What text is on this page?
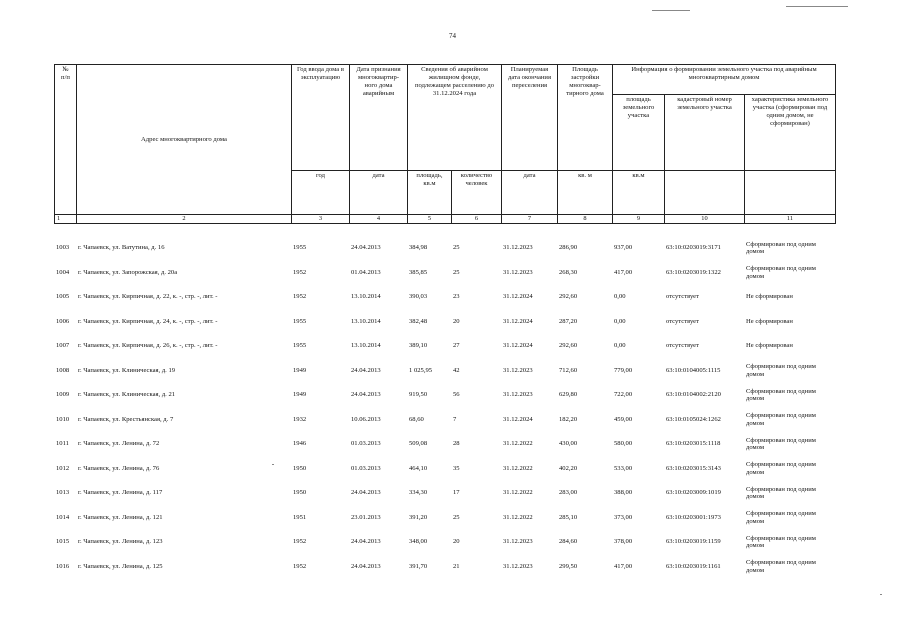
74
№
п/п	Адрес многоквартирного дома	Год ввода дома в эксплуатацию	Дата признания многоквартир-ного дома аварийным	Сведения об аварийном жилищном фонде, подлежащем расселению до 31.12.2024 года		Планируемая дата окончания переселения	Площадь застройки многоквар-тирного дома	Информация о формировании земельного участка под аварийным многоквартирным домом		
								площадь земельного участка	кадастровый номер земельного участка	характеристика земельного участка (сформирован под одним домом, не сформирован)
		год	дата	площадь, кв.м	количество человек	дата	кв. м	кв.м		
1	2	3	4	5	6	7	8	9	10	11
1003	г. Чапаевск, ул. Ватутина, д. 16	1955	24.04.2013	384,98	25	31.12.2023	286,90	937,00	63:10:0203019:3171	Сформирован под одним домом
1004	г. Чапаевск, ул. Запорожская, д. 20а	1952	01.04.2013	385,85	25	31.12.2023	268,30	417,00	63:10:0203019:1322	Сформирован под одним домом
1005	г. Чапаевск, ул. Кирпичная, д. 22, к. -, стр. -, лит. -	1952	13.10.2014	390,03	23	31.12.2024	292,60	0,00	отсутствует	Не сформирован
1006	г. Чапаевск, ул. Кирпичная, д. 24, к. -, стр. -, лит. -	1955	13.10.2014	382,48	20	31.12.2024	287,20	0,00	отсутствует	Не сформирован
1007	г. Чапаевск, ул. Кирпичная, д. 26, к. -, стр. -, лит. -	1955	13.10.2014	389,10	27	31.12.2024	292,60	0,00	отсутствует	Не сформирован
1008	г. Чапаевск, ул. Клиническая, д. 19	1949	24.04.2013	1 025,95	42	31.12.2023	712,60	779,00	63:10:0104005:1115	Сформирован под одним домом
1009	г. Чапаевск, ул. Клиническая, д. 21	1949	24.04.2013	919,50	56	31.12.2023	629,80	722,00	63:10:0104002:2120	Сформирован под одним домом
1010	г. Чапаевск, ул. Крестьянская, д. 7	1932	10.06.2013	68,60	7	31.12.2024	182,20	459,00	63:10:0105024:1262	Сформирован под одним домом
1011	г. Чапаевск, ул. Ленина, д. 72	1946	01.03.2013	509,08	28	31.12.2022	430,00	580,00	63:10:0203015:1118	Сформирован под одним домом
1012	г. Чапаевск, ул. Ленина, д. 76	1950	01.03.2013	464,10	35	31.12.2022	402,20	533,00	63:10:0203015:3143	Сформирован под одним домом
1013	г. Чапаевск, ул. Ленина, д. 117	1950	24.04.2013	334,30	17	31.12.2022	283,00	388,00	63:10:0203009:1019	Сформирован под одним домом
1014	г. Чапаевск, ул. Ленина, д. 121	1951	23.01.2013	391,20	25	31.12.2022	285,10	373,00	63:10:0203001:1973	Сформирован под одним домом
1015	г. Чапаевск, ул. Ленина, д. 123	1952	24.04.2013	348,00	20	31.12.2023	284,60	378,00	63:10:0203019:1159	Сформирован под одним домом
1016	г. Чапаевск, ул. Ленина, д. 125	1952	24.04.2013	391,70	21	31.12.2023	299,50	417,00	63:10:0203019:1161	Сформирован под одним домом
